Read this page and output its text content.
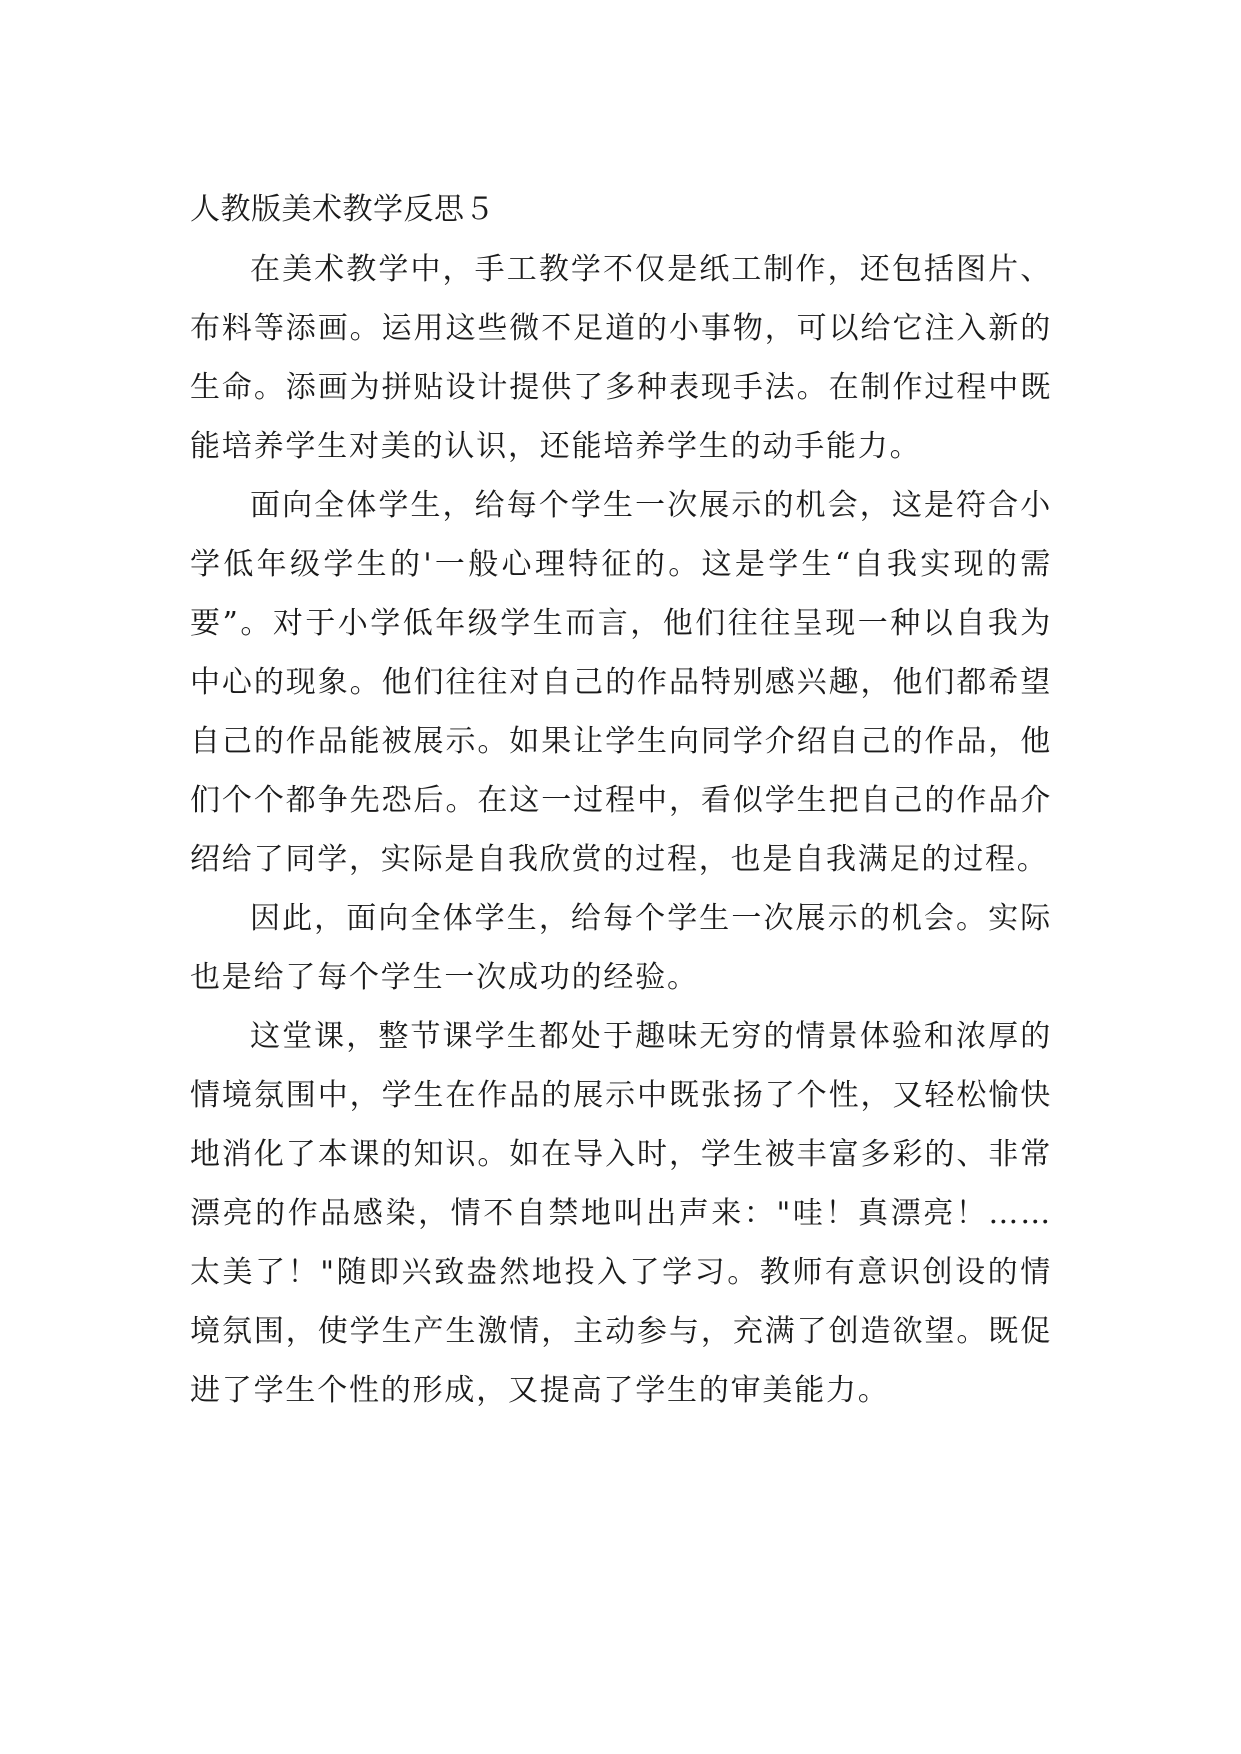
人教版美术教学反思５

在美术教学中，手工教学不仅是纸工制作，还包括图片、布料等添画。运用这些微不足道的小事物，可以给它注入新的生命。添画为拼贴设计提供了多种表现手法。在制作过程中既能培养学生对美的认识，还能培养学生的动手能力。

面向全体学生，给每个学生一次展示的机会，这是符合小学低年级学生的'一般心理特征的。这是学生“自我实现的需要”。对于小学低年级学生而言，他们往往呈现一种以自我为中心的现象。他们往往对自己的作品特别感兴趣，他们都希望自己的作品能被展示。如果让学生向同学介绍自己的作品，他们个个都争先恐后。在这一过程中，看似学生把自己的作品介绍给了同学，实际是自我欣赏的过程，也是自我满足的过程。

因此，面向全体学生，给每个学生一次展示的机会。实际也是给了每个学生一次成功的经验。

这堂课，整节课学生都处于趣味无穷的情景体验和浓厚的情境氛围中，学生在作品的展示中既张扬了个性，又轻松愉快地消化了本课的知识。如在导入时，学生被丰富多彩的、非常漂亮的作品感染，情不自禁地叫出声来："哇！真漂亮！……太美了！"随即兴致盎然地投入了学习。教师有意识创设的情境氛围，使学生产生激情，主动参与，充满了创造欲望。既促进了学生个性的形成，又提高了学生的审美能力。
